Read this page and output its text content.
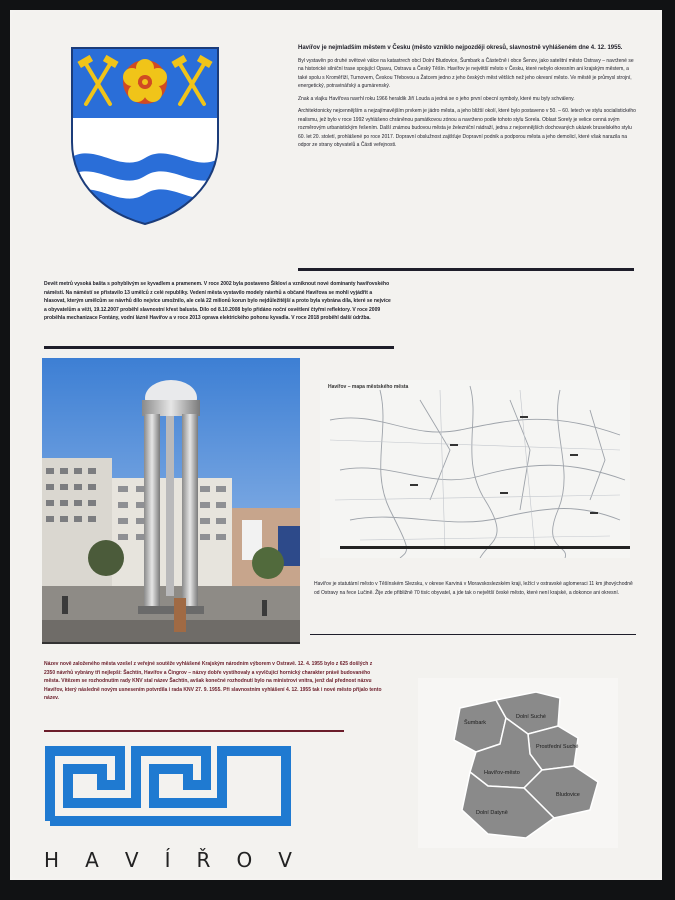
Havířov je nejmladším městem v Česku (město vzniklo nejpozději okresů, slavnostně vyhlášeném dne 4. 12. 1955.

Byl vystavěn po druhé světové válce na katastrech obcí Dolní Bludovice, Šumbark a Částečně i obce Šenov, jako satelitní město Ostravy – navržené se na historické silniční trase spojující Opavu, Ostravu a Český Těšín. Havířov je největší město v Česku, které nebylo okresním ani krajským městem, a také spolu s Kroměříží, Turnovem, Českou Třebovou a Žatcem jedno z jeho českých měst větších než jeho okresní město. Ve městě je průmysl strojní, energetický, potravinářský a gumárenský.

Znak a vlajku Havířova navrhl roku 1966 heraldik Jiří Louda a jedná se o jeho první obecní symboly, které mu byly schváleny.

Architektonicky nejcennějším a nejzajímavějším prvkem je jádro města, a jeho bližší okolí, které bylo postaveno v 50. – 60. letech ve stylu socialistického realismu, jež bylo v roce 1992 vyhlášeno chráněnou památkovou zónou a navrženo podle tohoto stylu Sorela. Oblast Sorely je velice cenná svým rozměrovým urbanistickým řešením. Další známou budovou města je železniční nádraží, jedna z nejcennějších dochovaných ukázek bruselského stylu 60. let 20. století, prohlášené po roce 2017. Dopravní obslužnost zajišťuje Dopravní podnik a podporou města a jeho demolicí, které však narazila na odpor ze strany obyvatelů a Části veřejnosti.

Devět metrů vysoká bašta s pohyblivým se kyvadlem a pramenem. V roce 2002 byla postaveno Šikloví a vzniknout nové dominanty havířovského náměstí. Na náměstí se přistavilo 13 umělců z celé republiky. Vedení města vystavilo modely návrhů a občané Havířova se mohli vyjádřit a hlasovat, kterým umělcům se návrhů dílo nejvíce umožnilo, ale celá 22 milionů korun bylo nejdůležitější a proto byla vybrána díla, které se nejvíce a obyvatelům a věži, 19.12.2007 proběhl slavnostní křest balusta. Dílo od 8.10.2008 bylo přidáno noční osvětlení čtyřmi reflektory. V roce 2009 proběhla mechanizace Fontány, vodní lázně Havířov a v roce 2013 oprava elektrického pohonu kyvadla. V roce 2018 proběhl další údržba.

Havířov – mapa městského města

Havířov je statutární město v Těšínském Slezsku, v okrese Karviná v Moravskoslezském kraji, ležící v ostravské aglomeraci 11 km jihovýchodně od Ostravy na řece Lučině. Žije zde přibližně 70 tisíc obyvatel, a jde tak o největší české město, které není krajské, a dokonce ani okresní.

Název nově založeného města vzešel z veřejné soutěže vyhlášené Krajským národním výborem v Ostravě. 12. 4. 1955 bylo z 625 došlých z 2350 návrhů vybrány tři nejlepší: Šachtín, Havířov a Čingrov – názvy dobře vystihovaly a vyvlčující hornický charakter právě budovaného města. Vítězem se rozhodnutím rady KNV stal název Šachtín, avšak konečné rozhodnutí bylo na ministrovi vnitra, jenž dal přednost názvu Havířov, který následně novým usnesením potvrdila i rada KNV 27. 9. 1955. Při slavnostním vyhlášení 4. 12. 1955 tak i nové město přijalo tento název.

H A V Í Ř O V
Dolní Suché
Šumbark
Prostřední Suché
Havířov-město
Bludovice
Dolní Datyně
